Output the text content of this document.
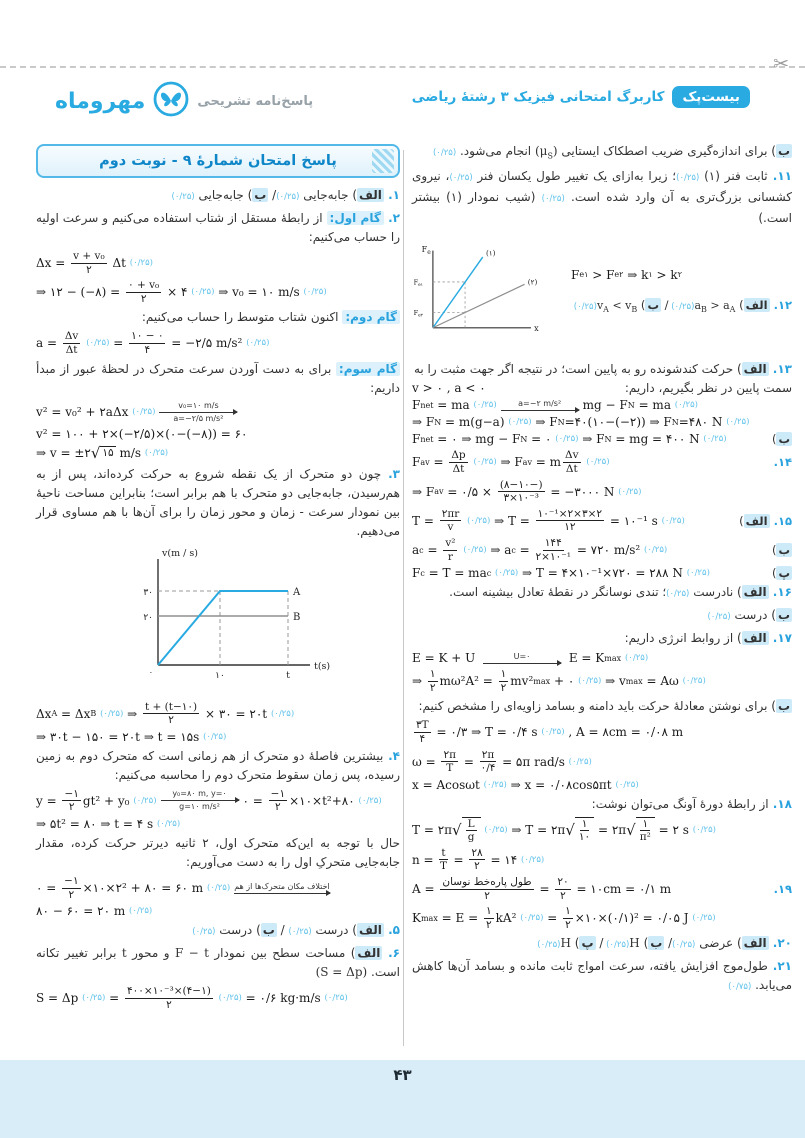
✂
بیست‌پک
کاربرگ امتحانی فیزیک ۳ رشتهٔ ریاضی
پاسخ‌نامه تشریحی
مهروماه
پاسخ امتحان شمارهٔ ۹ - نوبت دوم
۱. الف) جابه‌جایی (۰/۲۵)/ ب) جابه‌جایی (۰/۲۵)
۲. گام اول: از رابطهٔ مستقل از شتاب استفاده می‌کنیم و سرعت اولیه را حساب می‌کنیم:
$\Delta x = \frac{\text{v + v₀}}{۲}$ Δt (۰/۲۵)
⇒ ۱۲ − (−۸) = $\frac{\text{۰ + v₀}}{۲}$ × ۴ (۰/۲۵) ⇒ v₀ = ۱۰ m/s (۰/۲۵)
گام دوم: اکنون شتاب متوسط را حساب می‌کنیم:
$a = \frac{\Delta v}{\Delta t}$
(۰/۲۵) = $\frac{۰ - ۱۰}{۴}$ = −۲/۵ m/s² (۰/۲۵)
گام سوم: برای به دست آوردن سرعت متحرک در لحظهٔ عبور از مبدأ داریم:
v² = v₀² + ۲aΔx (۰/۲۵)
v₀=۱۰ m/s
a=−۲/۵ m/s²
v² = ۱۰۰ + ۲×(−۲/۵)×(۰−(−۸)) = ۶۰
⇒ v = ±۲ √ ۱۵ m/s (۰/۲۵)
۳. چون دو متحرک از یک نقطه شروع به حرکت کرده‌اند، پس از به هم‌رسیدن، جابه‌جایی دو متحرک با هم برابر است؛ بنابراین مساحت ناحیهٔ بین نمودار سرعت - زمان و محور زمان را برای آن‌ها با هم مساوی قرار می‌دهیم.
v(m / s)
t(s)
۳۰
۲۰
۰	۱۰	t
A
B
Δx A = Δx B
(۰/۲۵) ⇒ $\frac{t + (t-۱۰)}{۲}$ × ۳۰ = ۲۰t (۰/۲۵)
⇒ ۳۰t − ۱۵۰ = ۲۰t ⇒ t = ۱۵s (۰/۲۵)
۴. بیشترین فاصلهٔ دو متحرک از هم زمانی است که متحرک دوم به زمین رسیده، پس زمان سقوط متحرک دوم را محاسبه می‌کنیم:
$y = \frac{-۱}{۲} gt^2 + y_0$ (۰/۲۵)
y₀=۸۰ m, y=۰
g=۱۰ m/s² ۰ = $\frac{-۱}{۲}$ ×۱۰×t²+۸۰ (۰/۲۵)
⇒ ۵t² = ۸۰ ⇒ t = ۴ s (۰/۲۵)
حال با توجه به این‌که متحرک اول، ۲ ثانیه دیرتر حرکت کرده، مقدار جابه‌جایی متحرکِ اول را به دست می‌آوریم:
۰ = $\frac{-۱}{۲}$ ×۱۰×۲² + ۸۰ = ۶۰ m (۰/۲۵) اختلاف مکان متحرک‌ها از هم
۸۰ − ۶۰ = ۲۰ m (۰/۲۵)
۵. الف) درست (۰/۲۵) / ب) درست (۰/۲۵)
۶. الف) مساحت سطح بین نمودار F − t و محور t برابر تغییر تکانه است. (S = Δp)
S = Δp (۰/۲۵) = $\frac{\text{(۴−۱)×۱۰⁻³×۴۰۰}}{۲}$
(۰/۲۵) = ۰/۶ kg·m/s (۰/۲۵)
ب) برای اندازه‌گیری ضریب اصطکاک ایستایی $(\mu_S)$ انجام می‌شود. (۰/۲۵)
۱۱. ثابت فنر (۱) (۰/۲۵)؛ زیرا به‌ازای یک تغییر طول یکسان فنر (۰/۲۵)، نیروی کشسانی بزرگ‌تری به آن وارد شده است. (۰/۲۵) (شیب نمودار (۱) بیشتر است.)
$F_e$	(۱)
(۲)
$F_{e۱}$
$F_{e۲}$
x
F e۱ > F e۲ ⇒ k ۱ > k ۲
۱۲. الف) $a_B > a_A$ (۰/۲۵)/ ب) $v_A < v_B$ (۰/۲۵)
۱۳. الف) حرکت کندشونده رو به پایین است؛ در نتیجه اگر جهت مثبت را به
v > ۰ , a < ۰	سمت پایین در نظر بگیریم، داریم:
F net = ma (۰/۲۵)	a=−۲ m/s² mg − F N = ma (۰/۲۵)
⇒ F N = m(g−a) (۰/۲۵) ⇒ F N =۴۰(۱۰−(−۲)) ⇒ F N =۴۸۰ N (۰/۲۵)
F net = ۰ ⇒ mg − F N = ۰ (۰/۲۵) ⇒ F N = mg = ۴۰۰ N (۰/۲۵)	ب)
F av = $\frac{\Delta p}{\Delta t}$
(۰/۲۵) ⇒ F av = m $\frac{\Delta v}{\Delta t}$
(۰/۲۵)	۱۴.
⇒ F av = ۰/۵ × $\frac{(-۸-۱۰)}{\text{۳×۱۰⁻³}}$ = −۳۰۰۰ N (۰/۲۵)
$T = \frac{۲\pi r}{v}$
(۰/۲۵) ⇒ $T = \frac{\text{۲×۳×۲×۱۰⁻¹}}{۱۲}$ = ۱۰⁻¹ s (۰/۲۵)	۱۵. الف)
a $c = \frac{\text{v²}}{r}$
(۰/۲۵) ⇒ a $c = \frac{۱۴۴}{\text{۲×۱۰⁻¹}}$ = ۷۲۰ m/s² (۰/۲۵)	ب)
F c = T = ma c
(۰/۲۵) ⇒ T = ۴×۱۰⁻¹×۷۲۰ = ۲۸۸ N (۰/۲۵)	پ)
۱۶. الف) نادرست (۰/۲۵)؛ تندی نوسانگر در نقطهٔ تعادل بیشینه است.
ب) درست (۰/۲۵)
۱۷. الف) از روابط انرژی داریم:
E = K + U	U=۰	E = K max
(۰/۲۵)
⇒ $\frac{۱}{۲} m\omega^2A^2 = \frac{۱}{۲} mv^2$ max + ۰ (۰/۲۵) ⇒ v max = Aω (۰/۲۵)
ب) برای نوشتن معادلهٔ حرکت باید دامنه و بسامد زاویه‌ای را مشخص کنیم:
$\frac{۳T}{۴}$ = ۰/۳ ⇒ T = ۰/۴ s (۰/۲۵) , A = ۸cm = ۰/۰۸ m
$\omega = \frac{۲\pi}{T} = \frac{۲\pi}{۰/۴}$ = ۵π rad/s (۰/۲۵)
x = Acosωt (۰/۲۵) ⇒ x = ۰/۰۸cos۵πt (۰/۲۵)
۱۸. از رابطهٔ دورهٔ آونگ می‌توان نوشت:
T = ۲π √ $\frac{L}{g}$
(۰/۲۵) ⇒ T = ۲π √ $\frac{۱}{۱۰}$ = ۲π √ $\frac{۱}{\text{π²}}$ = ۲ s (۰/۲۵)
$n = \frac{t}{T} = \frac{۲۸}{۲}$ = ۱۴ (۰/۲۵)
$A = \frac{\text{طول پاره‌خط نوسان}}{۲} = \frac{۲۰}{۲}$ = ۱۰cm = ۰/۱ m	۱۹.
K $\max = E = \frac{۱}{۲} kA^2$ (۰/۲۵) = $\frac{۱}{۲}$ ×۱۰×(۰/۱)² = ۰/۰۵ J (۰/۲۵)
۲۰. الف) عرضی (۰/۲۵)/ ب) H (۰/۲۵)/ پ) H (۰/۲۵)
۲۱. طول‌موج افزایش یافته، سرعت امواج ثابت مانده و بسامد آن‌ها کاهش می‌یابد. (۰/۷۵)
۴۳
